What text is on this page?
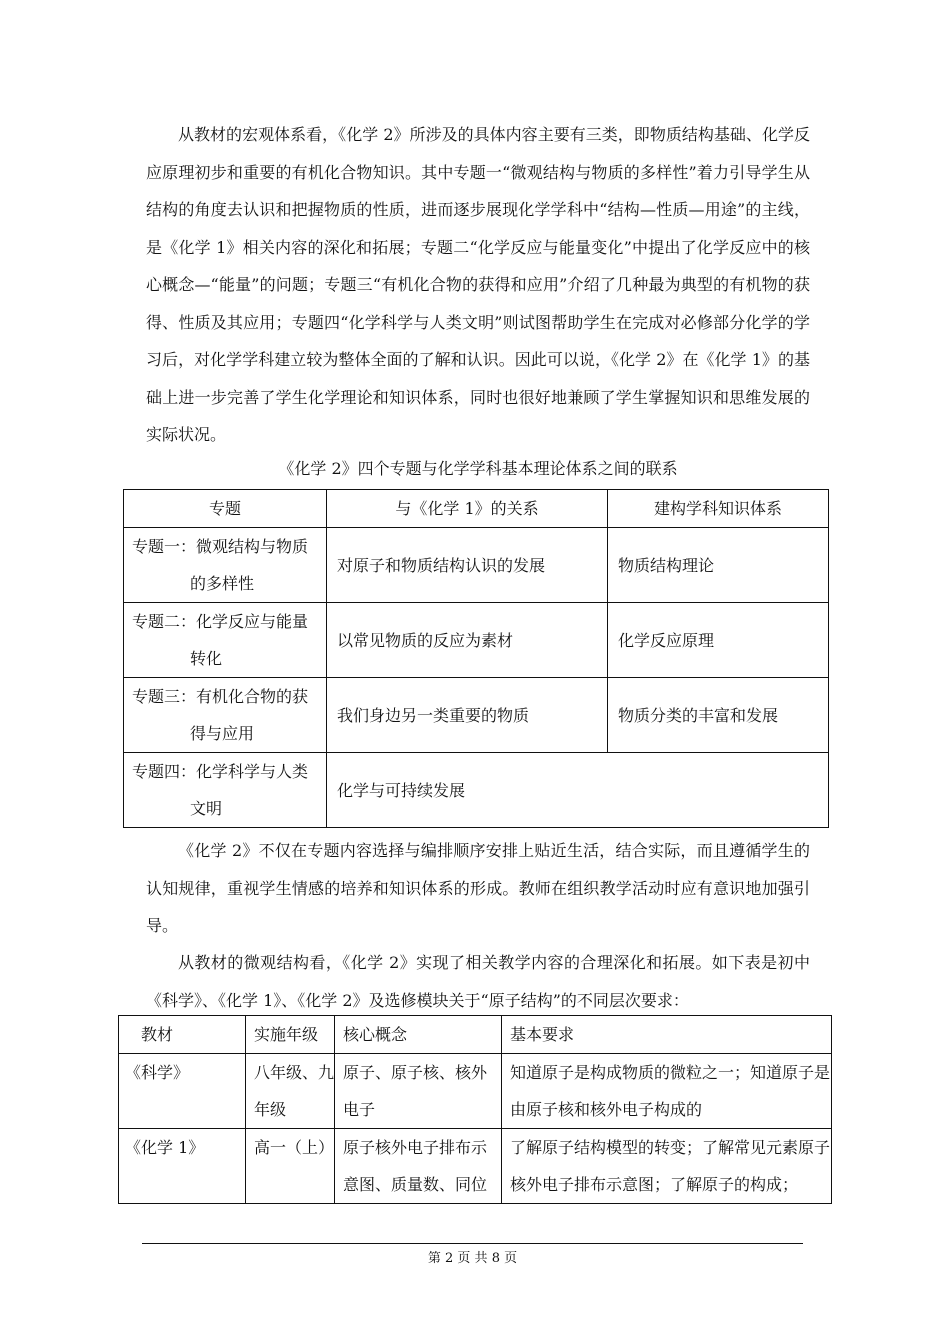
从教材的宏观体系看，《化学 2》所涉及的具体内容主要有三类，即物质结构基础、化学反应原理初步和重要的有机化合物知识。其中专题一“微观结构与物质的多样性”着力引导学生从结构的角度去认识和把握物质的性质，进而逐步展现化学学科中“结构—性质—用途”的主线，是《化学 1》相关内容的深化和拓展；专题二“化学反应与能量变化”中提出了化学反应中的核心概念—“能量”的问题；专题三“有机化合物的获得和应用”介绍了几种最为典型的有机物的获得、性质及其应用；专题四“化学科学与人类文明”则试图帮助学生在完成对必修部分化学的学习后，对化学学科建立较为整体全面的了解和认识。因此可以说，《化学 2》在《化学 1》的基础上进一步完善了学生化学理论和知识体系，同时也很好地兼顾了学生掌握知识和思维发展的实际状况。

《化学 2》四个专题与化学学科基本理论体系之间的联系

专题	与《化学 1》的关系	建构学科知识体系
专题一：微观结构与物质
的多样性	对原子和物质结构认识的发展	物质结构理论
专题二：化学反应与能量
转化	以常见物质的反应为素材	化学反应原理
专题三：有机化合物的获
得与应用	我们身边另一类重要的物质	物质分类的丰富和发展
专题四：化学科学与人类
文明	化学与可持续发展	

《化学 2》不仅在专题内容选择与编排顺序安排上贴近生活，结合实际，而且遵循学生的认知规律，重视学生情感的培养和知识体系的形成。教师在组织教学活动时应有意识地加强引导。

从教材的微观结构看，《化学 2》实现了相关教学内容的合理深化和拓展。如下表是初中《科学》、《化学 1》、《化学 2》及选修模块关于“原子结构”的不同层次要求：

教材	实施年级	核心概念	基本要求
《科学》	八年级、九年级	原子、原子核、核外电子	知道原子是构成物质的微粒之一；知道原子是由原子核和核外电子构成的
《化学 1》	高一（上）	原子核外电子排布示意图、质量数、同位	了解原子结构模型的转变；了解常见元素原子核外电子排布示意图；了解原子的构成；
第 2 页 共 8 页
